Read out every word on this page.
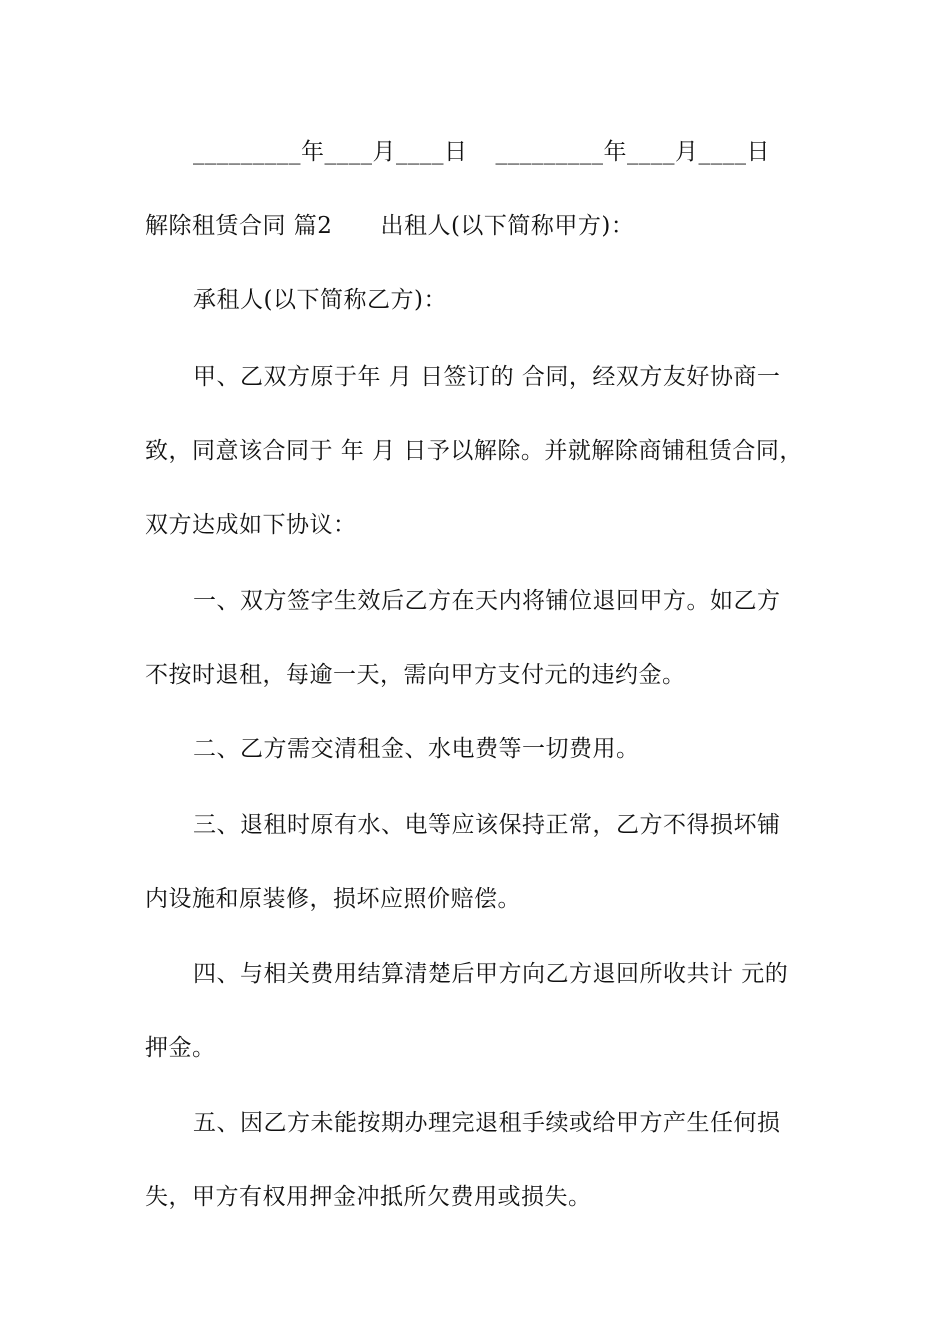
_________年____月____日 _________年____月____日
解除租赁合同 篇2 出租人(以下简称甲方)：
承租人(以下简称乙方)：
甲、乙双方原于年 月 日签订的 合同，经双方友好协商一
致，同意该合同于 年 月 日予以解除。并就解除商铺租赁合同，
双方达成如下协议：
一、双方签字生效后乙方在天内将铺位退回甲方。如乙方
不按时退租，每逾一天，需向甲方支付元的违约金。
二、乙方需交清租金、水电费等一切费用。
三、退租时原有水、电等应该保持正常，乙方不得损坏铺
内设施和原装修，损坏应照价赔偿。
四、与相关费用结算清楚后甲方向乙方退回所收共计 元的
押金。
五、因乙方未能按期办理完退租手续或给甲方产生任何损
失，甲方有权用押金冲抵所欠费用或损失。
